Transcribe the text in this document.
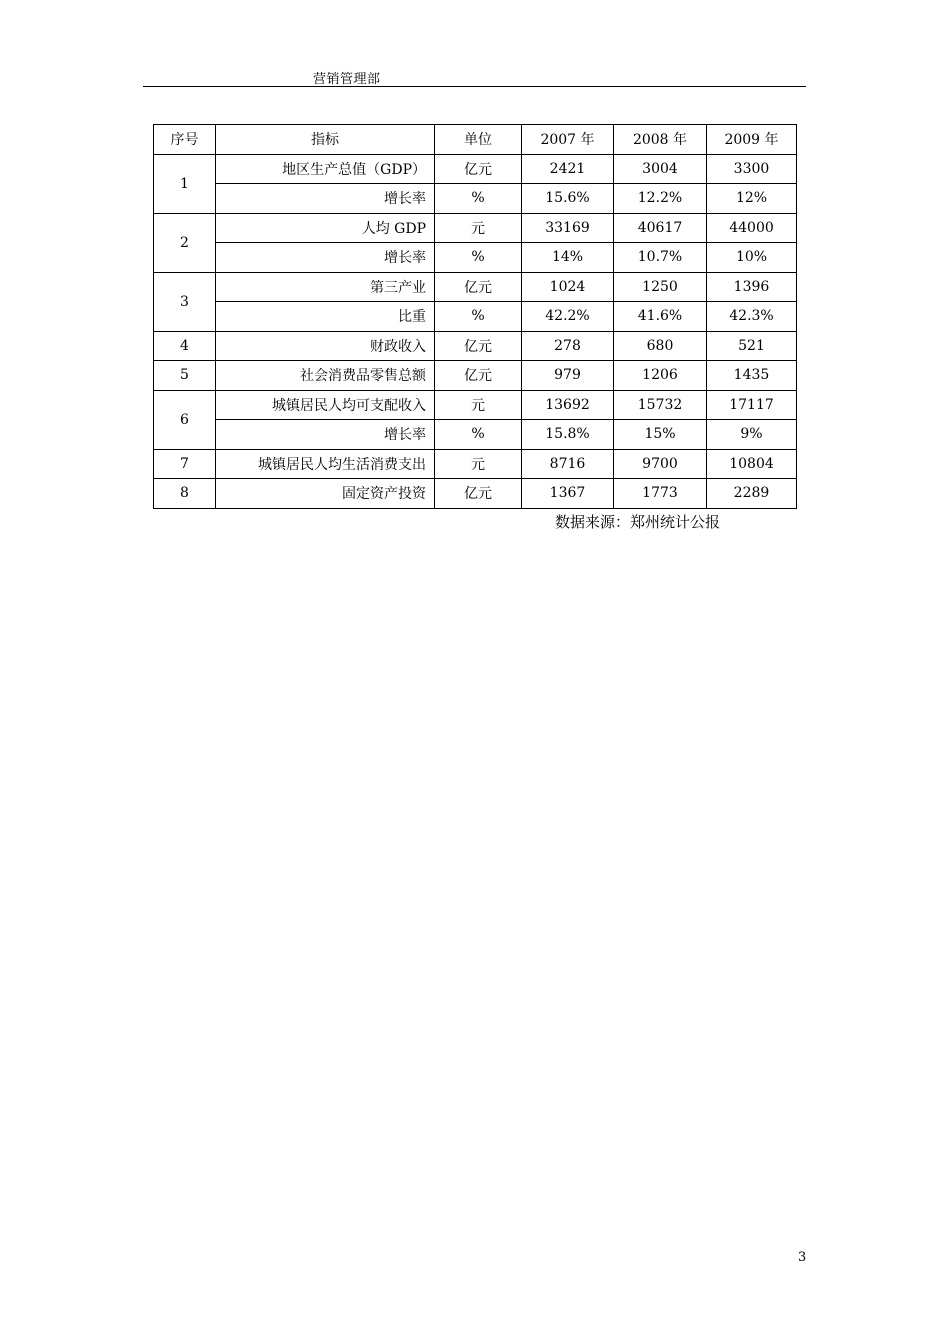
营销管理部
序号	指标	单位	2007 年	2008 年	2009 年
1	地区生产总值（GDP）	亿元	2421	3004	3300
	增长率	%	15.6%	12.2%	12%
2	人均 GDP	元	33169	40617	44000
	增长率	%	14%	10.7%	10%
3	第三产业	亿元	1024	1250	1396
	比重	%	42.2%	41.6%	42.3%
4	财政收入	亿元	278	680	521
5	社会消费品零售总额	亿元	979	1206	1435
6	城镇居民人均可支配收入	元	13692	15732	17117
	增长率	%	15.8%	15%	9%
7	城镇居民人均生活消费支出	元	8716	9700	10804
8	固定资产投资	亿元	1367	1773	2289
数据来源：郑州统计公报
3
